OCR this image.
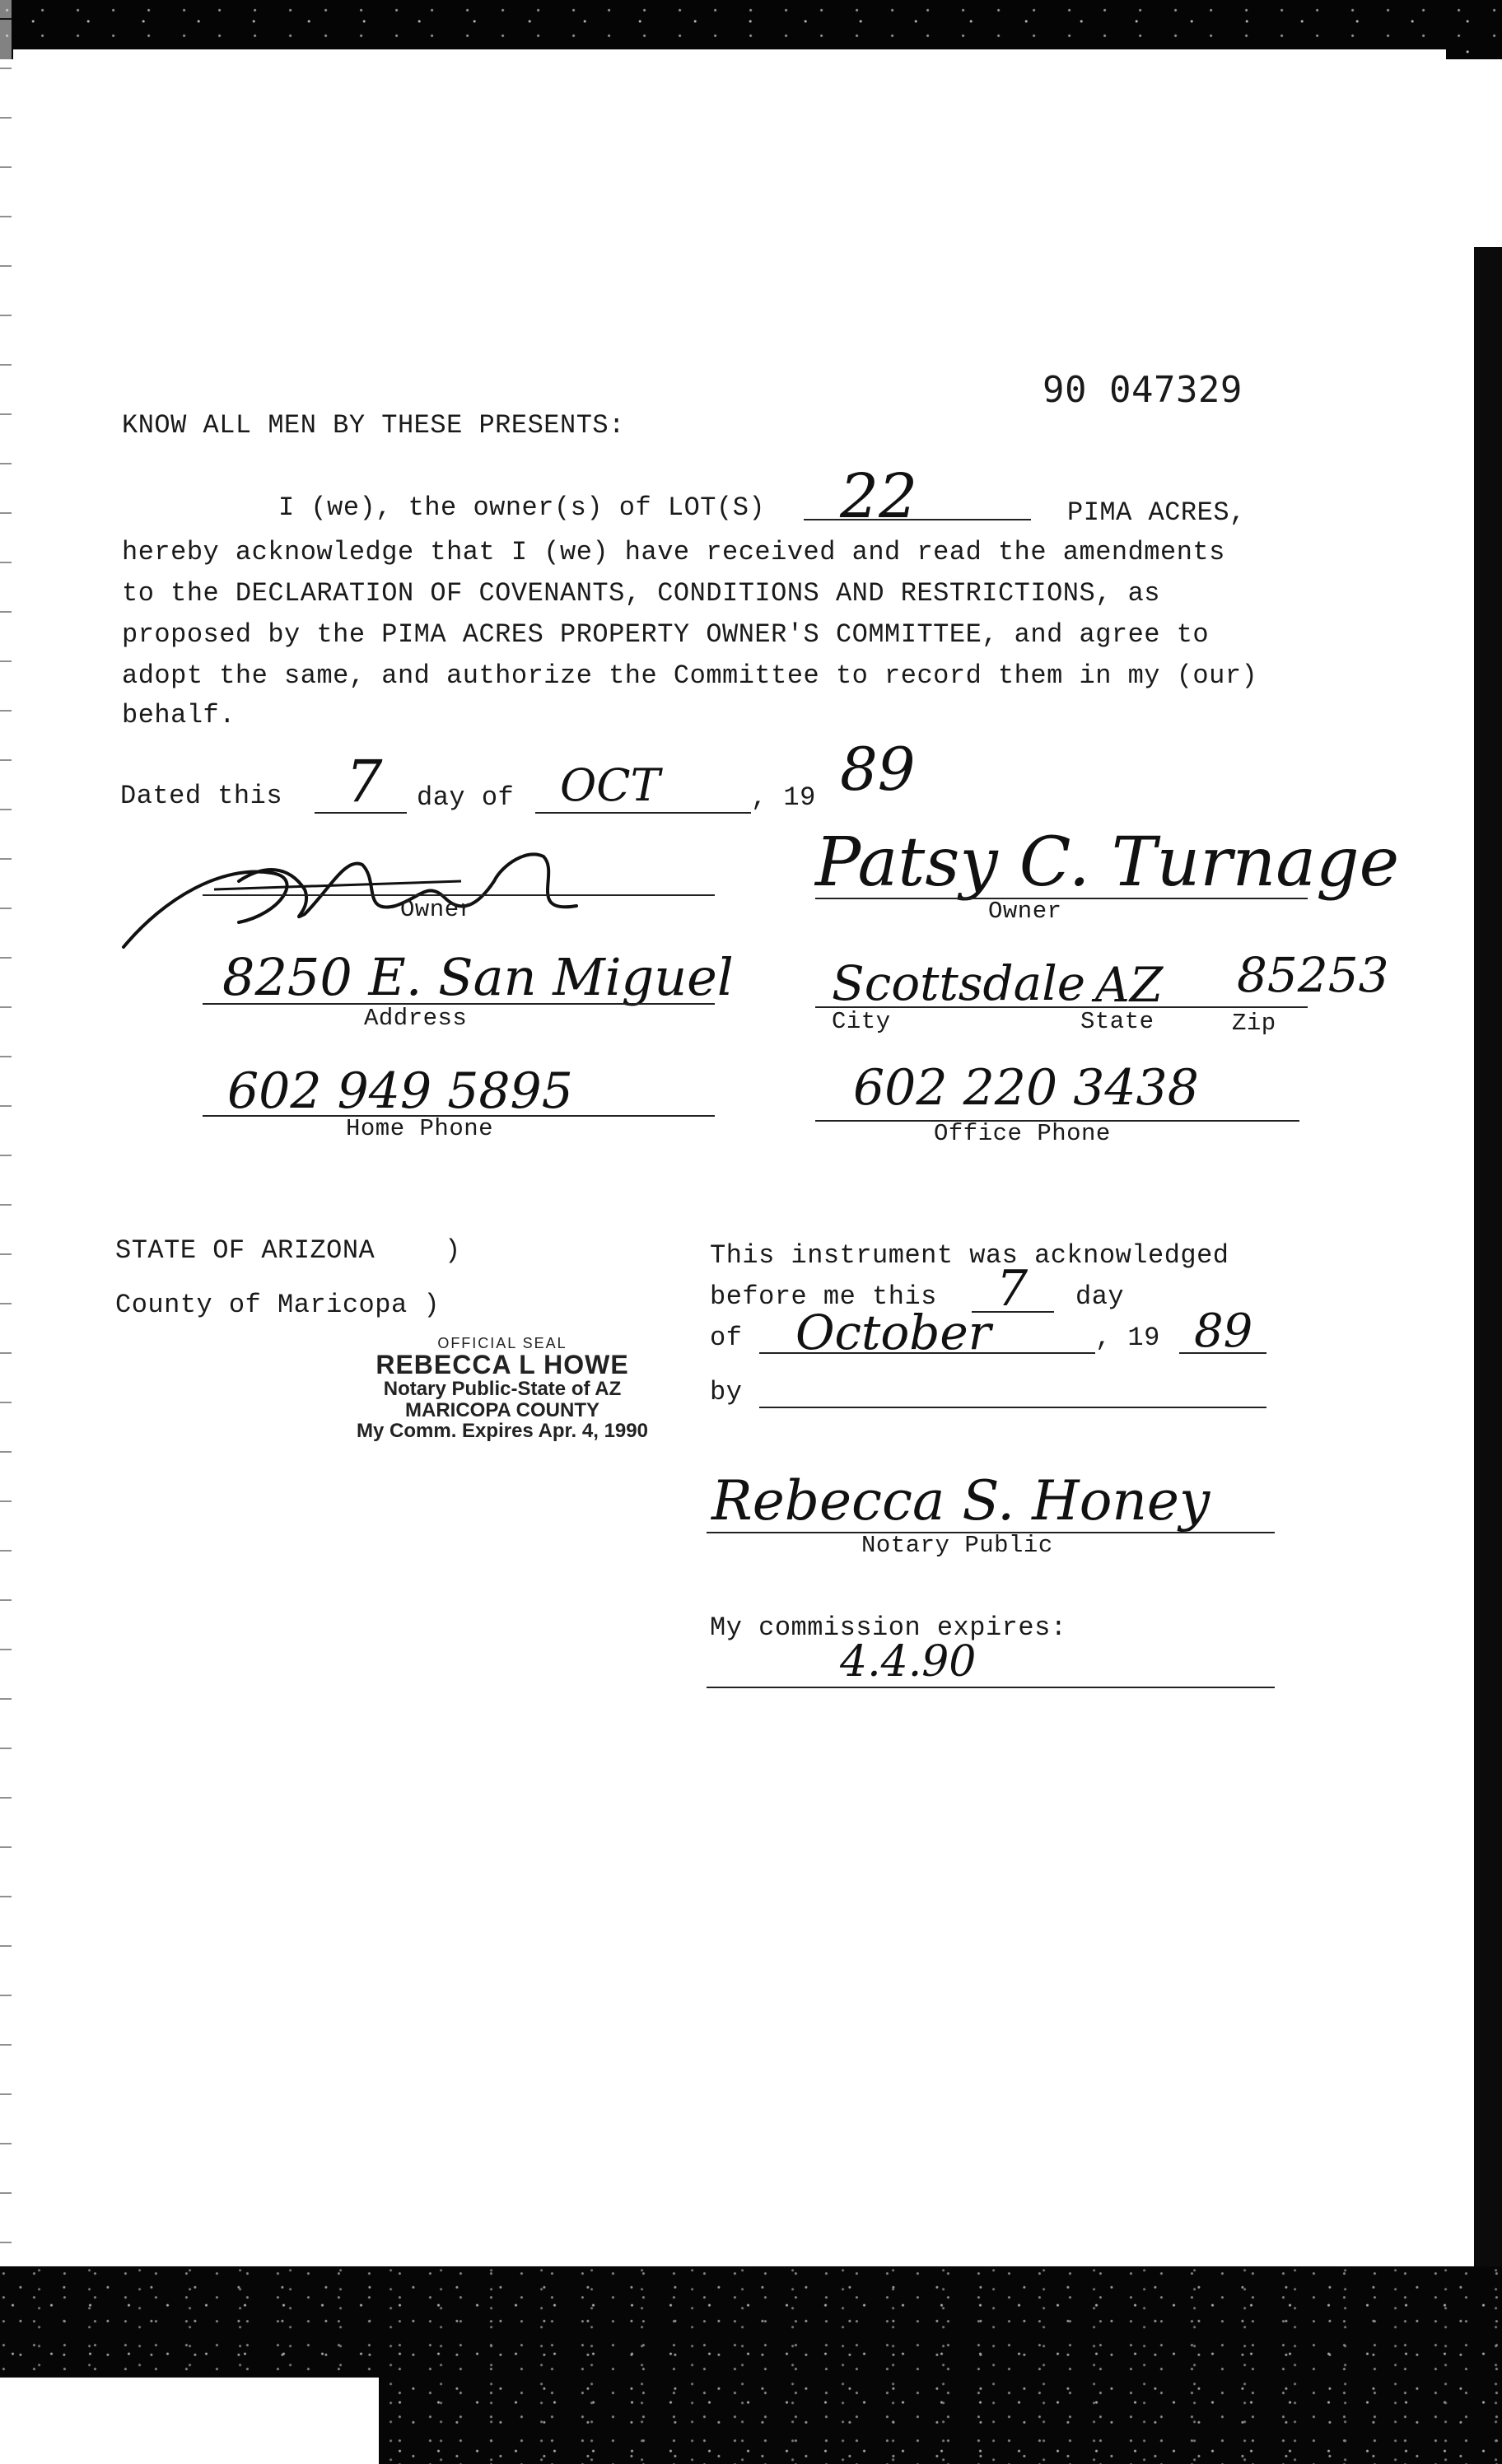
90 047329
KNOW ALL MEN BY THESE PRESENTS:
I (we), the owner(s) of LOT(S) 22	PIMA ACRES,
hereby acknowledge that I (we) have received and read the amendments
to the DECLARATION OF COVENANTS, CONDITIONS AND RESTRICTIONS, as
proposed by the PIMA ACRES PROPERTY OWNER'S COMMITTEE, and agree to
adopt the same, and authorize the Committee to record them in my (our)
behalf.
Dated this 7 day of OCT	, 19 89
Owner
Patsy C. Turnage
Owner
8250 E. San Miguel
Address
Scottsdale AZ 85253
City	State	Zip
602 949 5895
Home Phone
602 220 3438
Office Phone
STATE OF ARIZONA	)
County of Maricopa )
OFFICIAL SEAL
REBECCA L HOWE
Notary Public-State of AZ
MARICOPA COUNTY
My Comm. Expires Apr. 4, 1990
This instrument was acknowledged
before me this 7 day
of October	, 19 89
by
Rebecca S. Honey
Notary Public
My commission expires:
4.4.90
